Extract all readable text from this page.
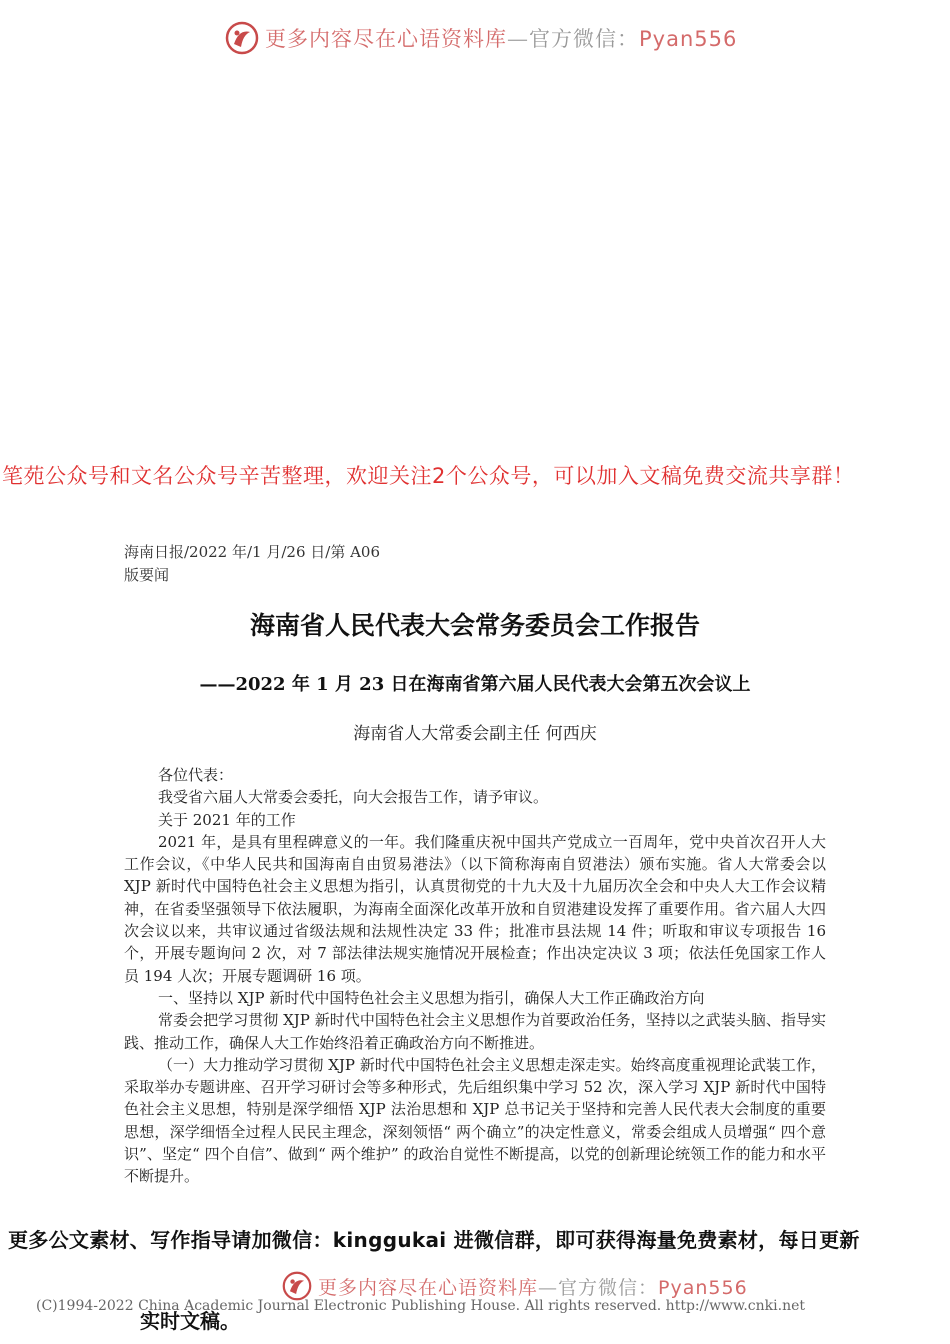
更多内容尽在心语资料库—官方微信：Pyan556
笔苑公众号和文名公众号辛苦整理，欢迎关注2个公众号，可以加入文稿免费交流共享群！
海南日报/2022 年/1 月/26 日/第 A06
版要闻
海南省人民代表大会常务委员会工作报告
——2022 年 1 月 23 日在海南省第六届人民代表大会第五次会议上
海南省人大常委会副主任 何西庆

各位代表：

我受省六届人大常委会委托，向大会报告工作，请予审议。

关于 2021 年的工作

2021 年，是具有里程碑意义的一年。我们隆重庆祝中国共产党成立一百周年，党中央首次召开人大工作会议，《中华人民共和国海南自由贸易港法》（以下简称海南自贸港法）颁布实施。省人大常委会以 XJP 新时代中国特色社会主义思想为指引，认真贯彻党的十九大及十九届历次全会和中央人大工作会议精神，在省委坚强领导下依法履职，为海南全面深化改革开放和自贸港建设发挥了重要作用。省六届人大四次会议以来，共审议通过省级法规和法规性决定 33 件；批准市县法规 14 件；听取和审议专项报告 16 个，开展专题询问 2 次，对 7 部法律法规实施情况开展检查；作出决定决议 3 项；依法任免国家工作人员 194 人次；开展专题调研 16 项。

一、坚持以 XJP 新时代中国特色社会主义思想为指引，确保人大工作正确政治方向

常委会把学习贯彻 XJP 新时代中国特色社会主义思想作为首要政治任务，坚持以之武装头脑、指导实践、推动工作，确保人大工作始终沿着正确政治方向不断推进。

（一）大力推动学习贯彻 XJP 新时代中国特色社会主义思想走深走实。始终高度重视理论武装工作，采取举办专题讲座、召开学习研讨会等多种形式，先后组织集中学习 52 次，深入学习 XJP 新时代中国特色社会主义思想，特别是深学细悟 XJP 法治思想和 XJP 总书记关于坚持和完善人民代表大会制度的重要思想，深学细悟全过程人民民主理念，深刻领悟“ 两个确立”的决定性意义，常委会组成人员增强“ 四个意识”、坚定“ 四个自信”、做到“ 两个维护” 的政治自觉性不断提高，以党的创新理论统领工作的能力和水平不断提升。

更多公文素材、写作指导请加微信：kinggukai 进微信群，即可获得海量免费素材，每日更新
更多内容尽在心语资料库—官方微信：Pyan556
(C)1994-2022 China Academic Journal Electronic Publishing House. All rights reserved. http://www.cnki.net
实时文稿。
